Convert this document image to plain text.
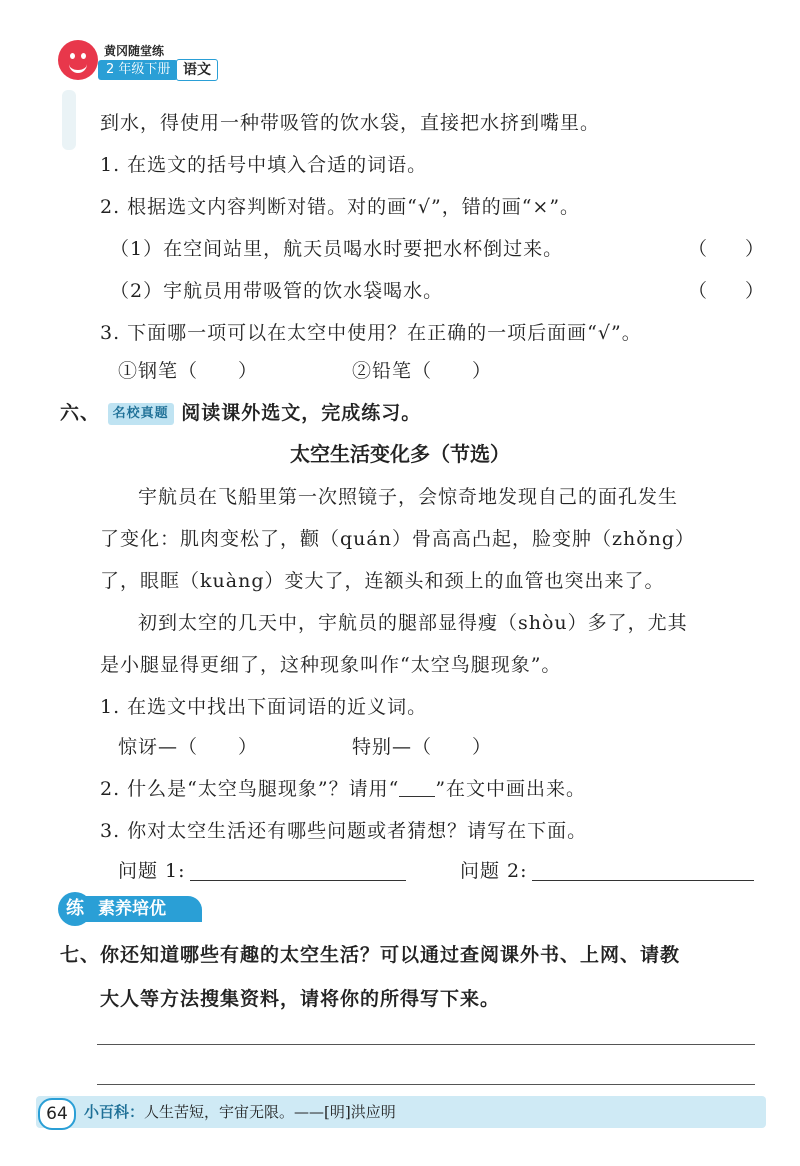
黄冈随堂练
2 年级下册 语文
到水，得使用一种带吸管的饮水袋，直接把水挤到嘴里。
1. 在选文的括号中填入合适的词语。
2. 根据选文内容判断对错。对的画“√”，错的画“×”。
（1）在空间站里，航天员喝水时要把水杯倒过来。	（　　）
（2）宇航员用带吸管的饮水袋喝水。	（　　）
3. 下面哪一项可以在太空中使用？在正确的一项后面画“√”。
①钢笔（　　）	②铅笔（　　）
六、 名校真题 阅读课外选文，完成练习。
太空生活变化多（节选）
宇航员在飞船里第一次照镜子，会惊奇地发现自己的面孔发生
了变化：肌肉变松了，颧（quán）骨高高凸起，脸变肿（zhǒng）
了，眼眶（kuàng）变大了，连额头和颈上的血管也突出来了。
初到太空的几天中，宇航员的腿部显得瘦（shòu）多了，尤其
是小腿显得更细了，这种现象叫作“太空鸟腿现象”。
1. 在选文中找出下面词语的近义词。
惊讶—（　　）	特别—（　　）
2. 什么是“太空鸟腿现象”？请用“ ”在文中画出来。
3. 你对太空生活还有哪些问题或者猜想？请写在下面。
问题 1:	问题 2:
练 素养培优
七、你还知道哪些有趣的太空生活？可以通过查阅课外书、上网、请教
大人等方法搜集资料，请将你的所得写下来。
64	小百科：人生苦短，宇宙无限。——[明]洪应明
